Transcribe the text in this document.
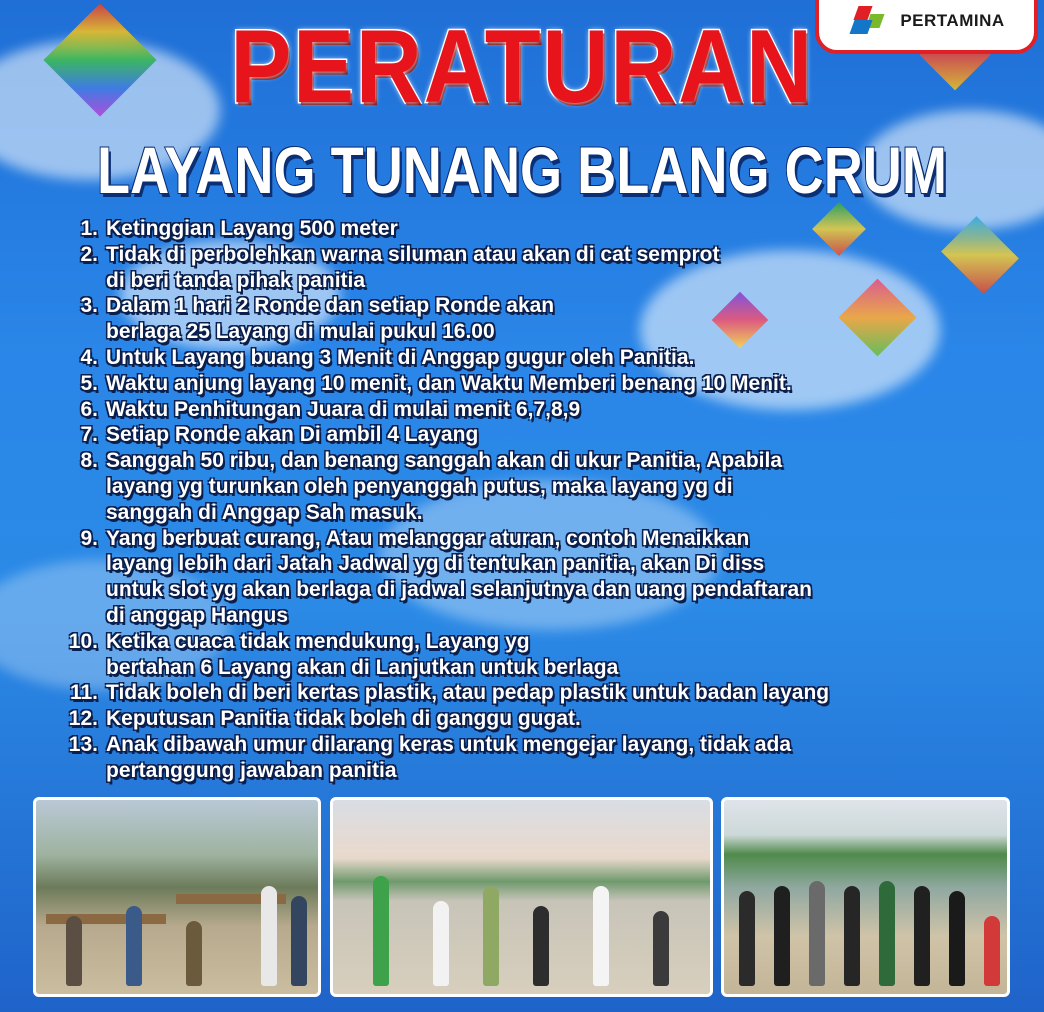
PERTAMINA
PERATURAN
LAYANG TUNANG BLANG CRUM
1. Ketinggian Layang 500 meter
2. Tidak di perbolehkan warna siluman atau akan di cat semprot
di beri tanda pihak panitia
3. Dalam 1 hari 2 Ronde dan setiap Ronde akan
berlaga 25 Layang di mulai pukul 16.00
4. Untuk Layang buang 3 Menit di Anggap gugur oleh Panitia.
5. Waktu anjung layang 10 menit, dan Waktu Memberi benang 10 Menit.
6. Waktu Penhitungan Juara di mulai menit 6,7,8,9
7. Setiap Ronde akan Di ambil 4 Layang
8. Sanggah 50 ribu, dan benang sanggah akan di ukur Panitia, Apabila
layang yg turunkan oleh penyanggah putus, maka layang yg di
sanggah di Anggap Sah masuk.
9. Yang berbuat curang, Atau melanggar aturan, contoh Menaikkan
layang lebih dari Jatah Jadwal yg di tentukan panitia, akan Di diss
untuk slot yg akan berlaga di jadwal selanjutnya dan uang pendaftaran
di anggap Hangus
10. Ketika cuaca tidak mendukung, Layang yg
bertahan 6 Layang akan di Lanjutkan untuk berlaga
11. Tidak boleh di beri kertas plastik, atau pedap plastik untuk badan layang
12. Keputusan Panitia tidak boleh di ganggu gugat.
13. Anak dibawah umur dilarang keras untuk mengejar layang, tidak ada
pertanggung jawaban panitia
